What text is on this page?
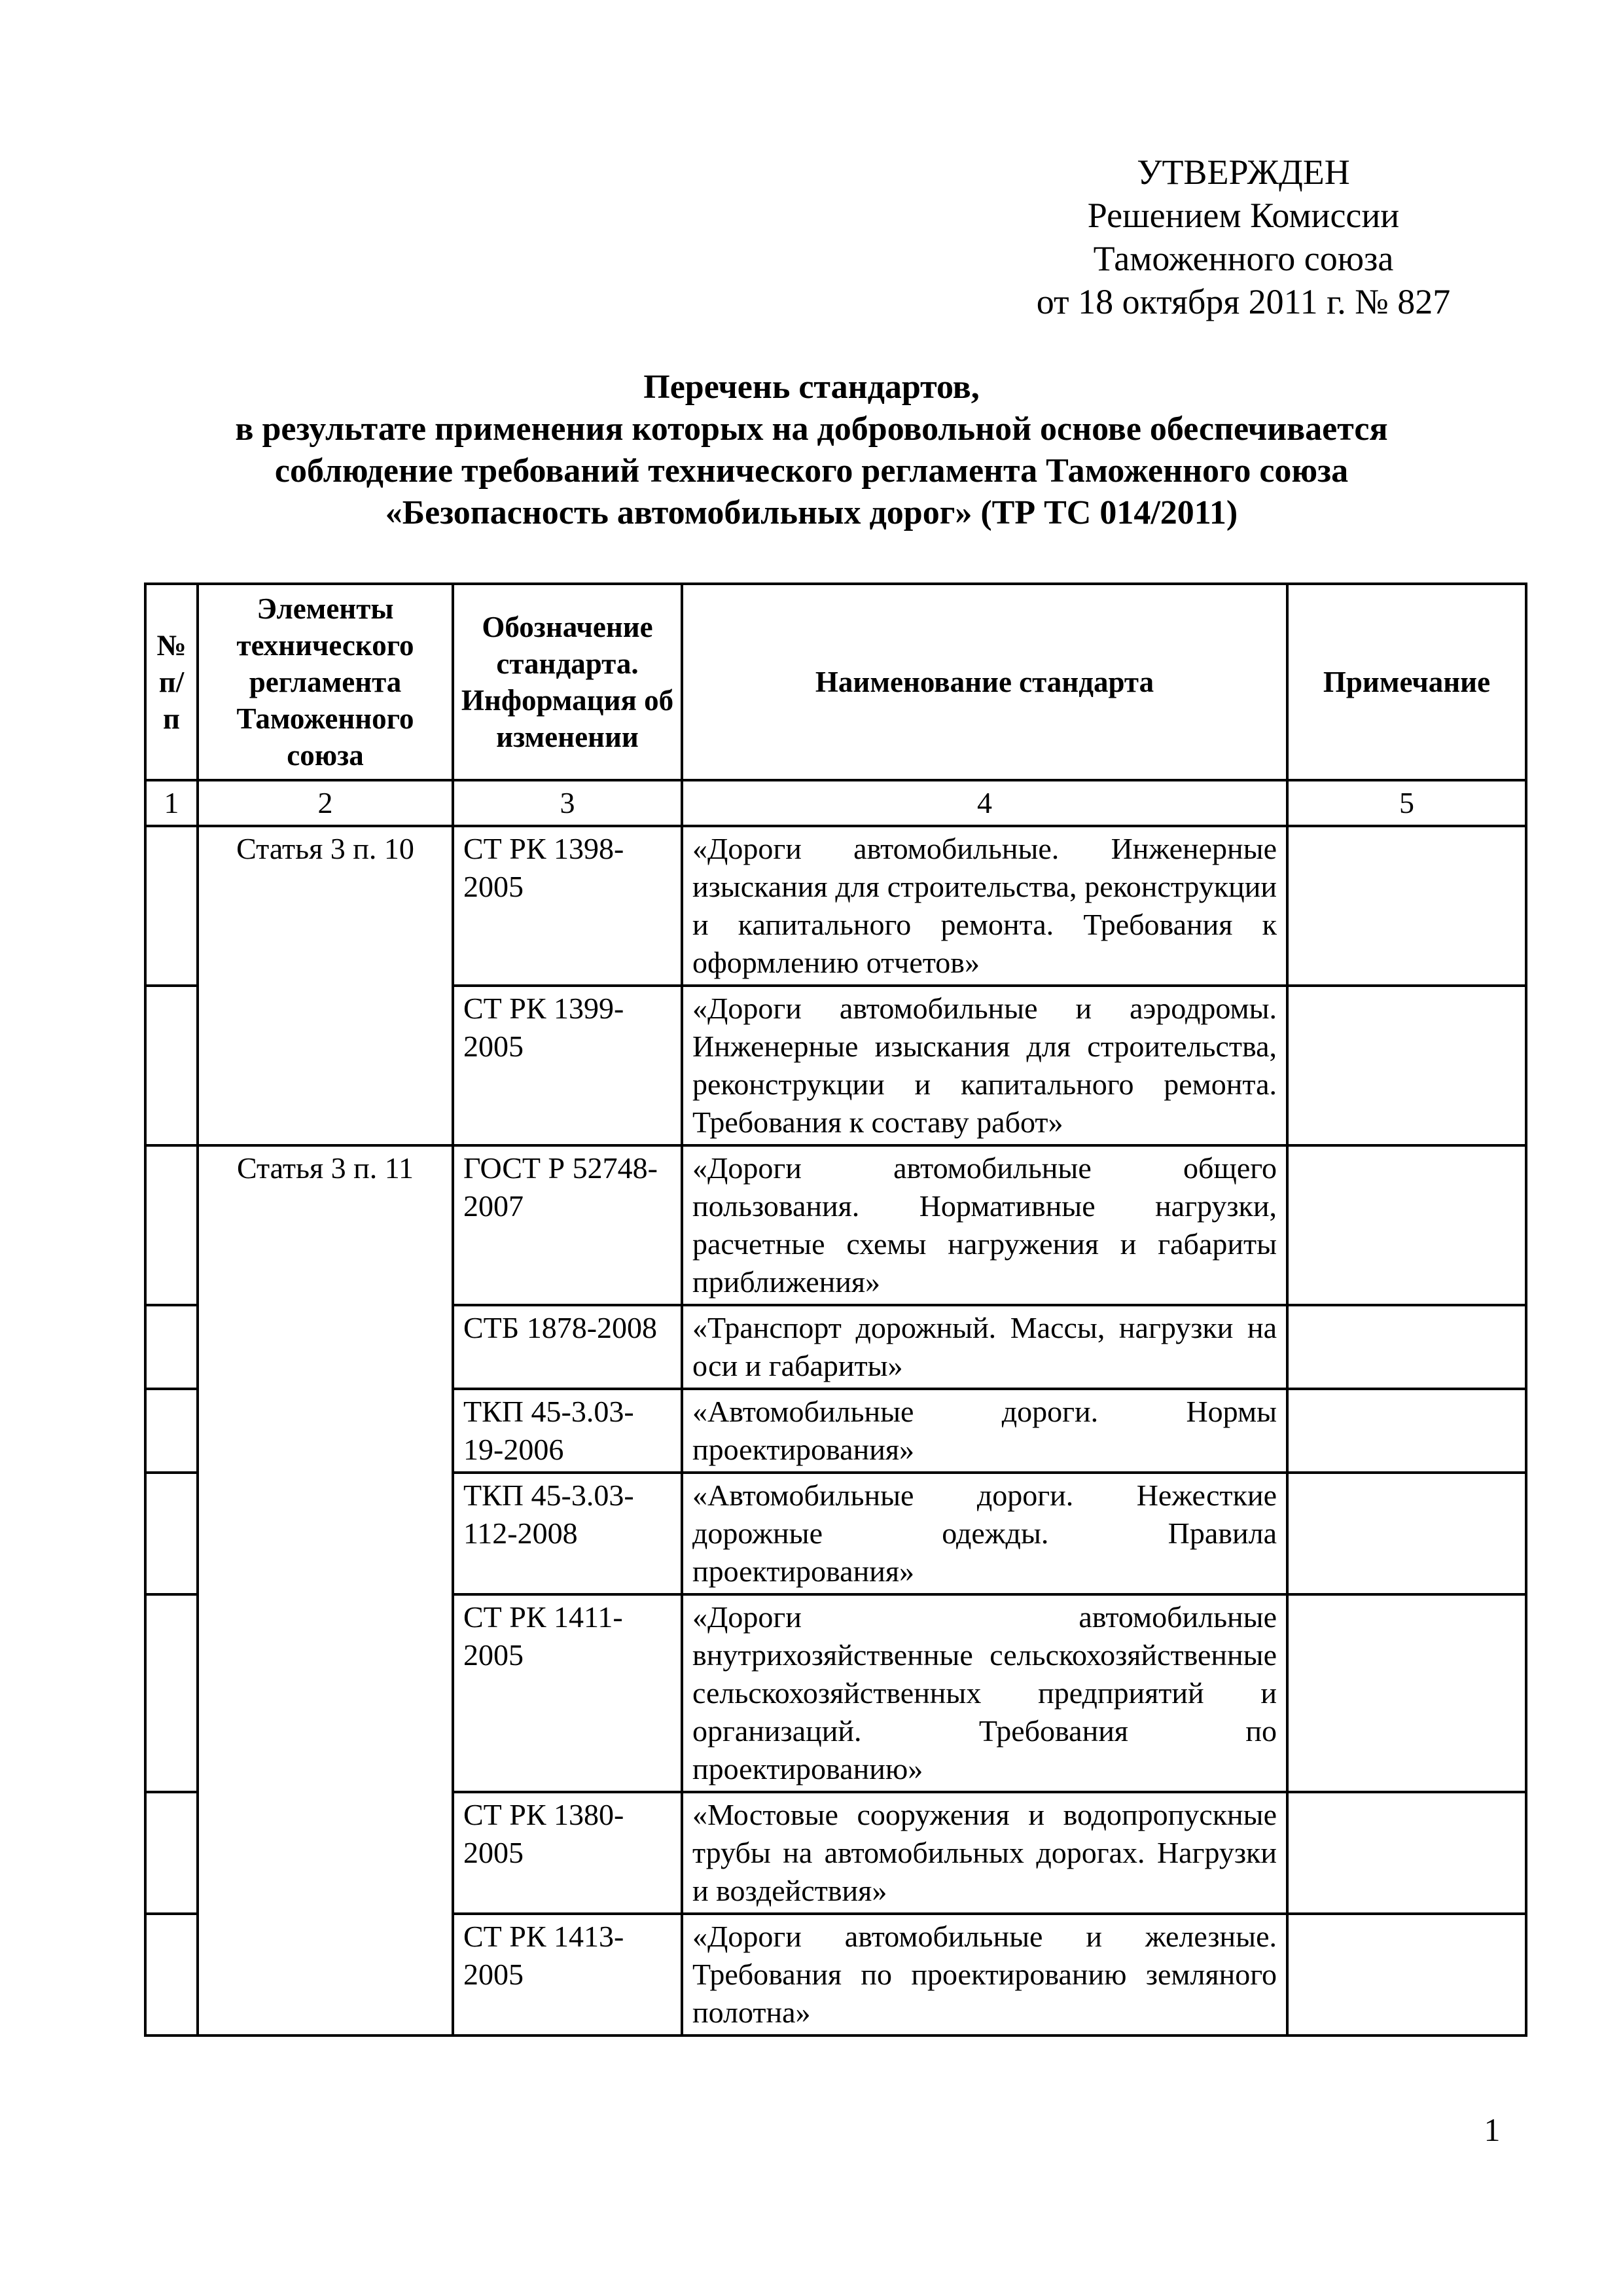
УТВЕРЖДЕН
Решением Комиссии
Таможенного союза
от 18 октября 2011 г. № 827
Перечень стандартов,
в результате применения которых на добровольной основе обеспечивается
соблюдение требований технического регламента Таможенного союза
«Безопасность автомобильных дорог» (ТР ТС 014/2011)
№ п/п	Элементы технического регламента Таможенного союза	Обозначение стандарта. Информация об изменении	Наименование стандарта	Примечание
1	2	3	4	5
	Статья 3 п. 10	СТ РК 1398-2005	«Дороги автомобильные. Инженерные изыскания для строительства, реконструкции и капитального ремонта. Требования к оформлению отчетов»	
		СТ РК 1399-2005	«Дороги автомобильные и аэродромы. Инженерные изыскания для строительства, реконструкции и капитального ремонта. Требования к составу работ»	
	Статья 3 п. 11	ГОСТ Р 52748-2007	«Дороги автомобильные общего пользования. Нормативные нагрузки, расчетные схемы нагружения и габариты приближения»	
		СТБ 1878-2008	«Транспорт дорожный. Массы, нагрузки на оси и габариты»	
		ТКП 45-3.03-19-2006	«Автомобильные дороги. Нормы проектирования»	
		ТКП 45-3.03-112-2008	«Автомобильные дороги. Нежесткие дорожные одежды. Правила проектирования»	
		СТ РК 1411-2005	«Дороги автомобильные внутрихозяйственные сельскохозяйственные сельскохозяйственных предприятий и организаций. Требования по проектированию»	
		СТ РК 1380-2005	«Мостовые сооружения и водопропускные трубы на автомобильных дорогах. Нагрузки и воздействия»	
		СТ РК 1413-2005	«Дороги автомобильные и железные. Требования по проектированию земляного полотна»	
1
